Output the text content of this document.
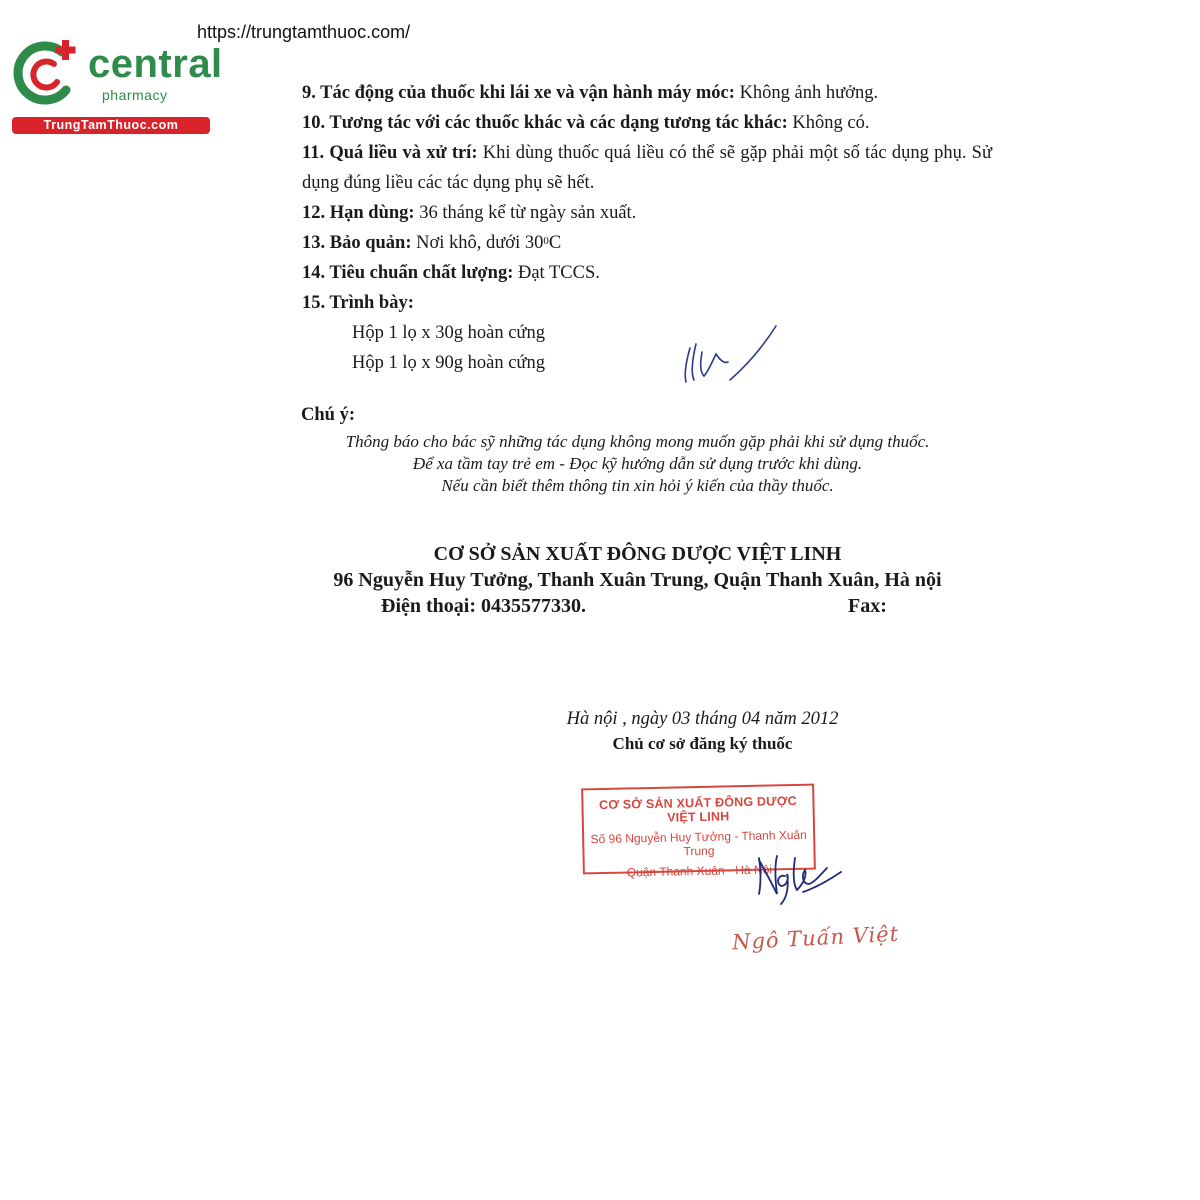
https://trungtamthuoc.com/
central
pharmacy
TrungTamThuoc.com
9. Tác động của thuốc khi lái xe và vận hành máy móc: Không ảnh hưởng.
10. Tương tác với các thuốc khác và các dạng tương tác khác: Không có.
11. Quá liều và xử trí: Khi dùng thuốc quá liều có thể sẽ gặp phải một số tác dụng phụ. Sử dụng đúng liều các tác dụng phụ sẽ hết.
12. Hạn dùng: 36 tháng kể từ ngày sản xuất.
13. Bảo quản: Nơi khô, dưới $30^0C$
14. Tiêu chuẩn chất lượng: Đạt TCCS.
15. Trình bày:
Hộp 1 lọ x 30g hoàn cứng
Hộp 1 lọ x 90g hoàn cứng
Chú ý:
Thông báo cho bác sỹ những tác dụng không mong muốn gặp phải khi sử dụng thuốc.
Để xa tầm tay trẻ em - Đọc kỹ hướng dẫn sử dụng trước khi dùng.
Nếu cần biết thêm thông tin xin hỏi ý kiến của thầy thuốc.
CƠ SỞ SẢN XUẤT ĐÔNG DƯỢC VIỆT LINH
96 Nguyễn Huy Tưởng, Thanh Xuân Trung, Quận Thanh Xuân, Hà nội
Điện thoại: 0435577330.	Fax:
Hà nội , ngày 03 tháng 04 năm 2012
Chủ cơ sở đăng ký thuốc
CƠ SỞ SẢN XUẤT ĐÔNG DƯỢC VIỆT LINH
Số 96 Nguyễn Huy Tưởng - Thanh Xuân Trung
Quận Thanh Xuân - Hà Nội
Ngô Tuấn Việt
